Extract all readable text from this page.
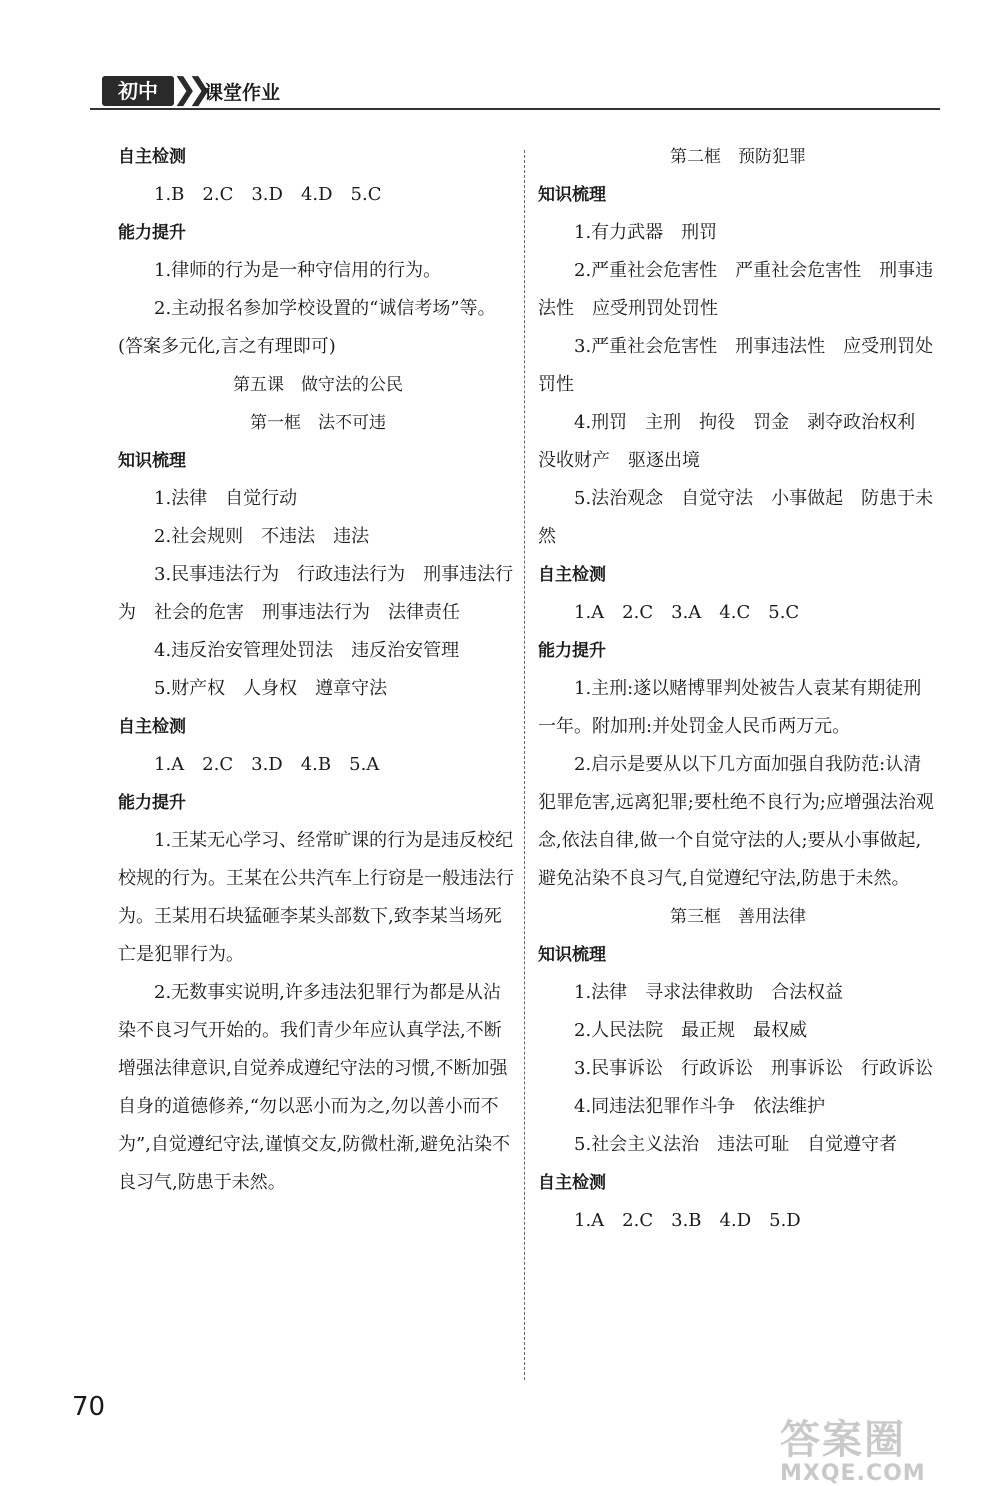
初中 ❯❯ 课堂作业

自主检测

1.B　2.C　3.D　4.D　5.C

能力提升

1.律师的行为是一种守信用的行为。

2.主动报名参加学校设置的“诚信考场”等。(答案多元化,言之有理即可)

第五课　做守法的公民

第一框　法不可违

知识梳理

1.法律　自觉行动

2.社会规则　不违法　违法

3.民事违法行为　行政违法行为　刑事违法行为　社会的危害　刑事违法行为　法律责任

4.违反治安管理处罚法　违反治安管理

5.财产权　人身权　遵章守法

自主检测

1.A　2.C　3.D　4.B　5.A

能力提升

1.王某无心学习、经常旷课的行为是违反校纪校规的行为。王某在公共汽车上行窃是一般违法行为。王某用石块猛砸李某头部数下,致李某当场死亡是犯罪行为。

2.无数事实说明,许多违法犯罪行为都是从沾染不良习气开始的。我们青少年应认真学法,不断增强法律意识,自觉养成遵纪守法的习惯,不断加强自身的道德修养,“勿以恶小而为之,勿以善小而不为”,自觉遵纪守法,谨慎交友,防微杜渐,避免沾染不良习气,防患于未然。

第二框　预防犯罪

知识梳理

1.有力武器　刑罚

2.严重社会危害性　严重社会危害性　刑事违法性　应受刑罚处罚性

3.严重社会危害性　刑事违法性　应受刑罚处罚性

4.刑罚　主刑　拘役　罚金　剥夺政治权利　没收财产　驱逐出境

5.法治观念　自觉守法　小事做起　防患于未然

自主检测

1.A　2.C　3.A　4.C　5.C

能力提升

1.主刑:遂以赌博罪判处被告人袁某有期徒刑一年。附加刑:并处罚金人民币两万元。

2.启示是要从以下几方面加强自我防范:认清犯罪危害,远离犯罪;要杜绝不良行为;应增强法治观念,依法自律,做一个自觉守法的人;要从小事做起,避免沾染不良习气,自觉遵纪守法,防患于未然。

第三框　善用法律

知识梳理

1.法律　寻求法律救助　合法权益

2.人民法院　最正规　最权威

3.民事诉讼　行政诉讼　刑事诉讼　行政诉讼

4.同违法犯罪作斗争　依法维护

5.社会主义法治　违法可耻　自觉遵守者

自主检测

1.A　2.C　3.B　4.D　5.D

70
答案圈
MXQE.COM
